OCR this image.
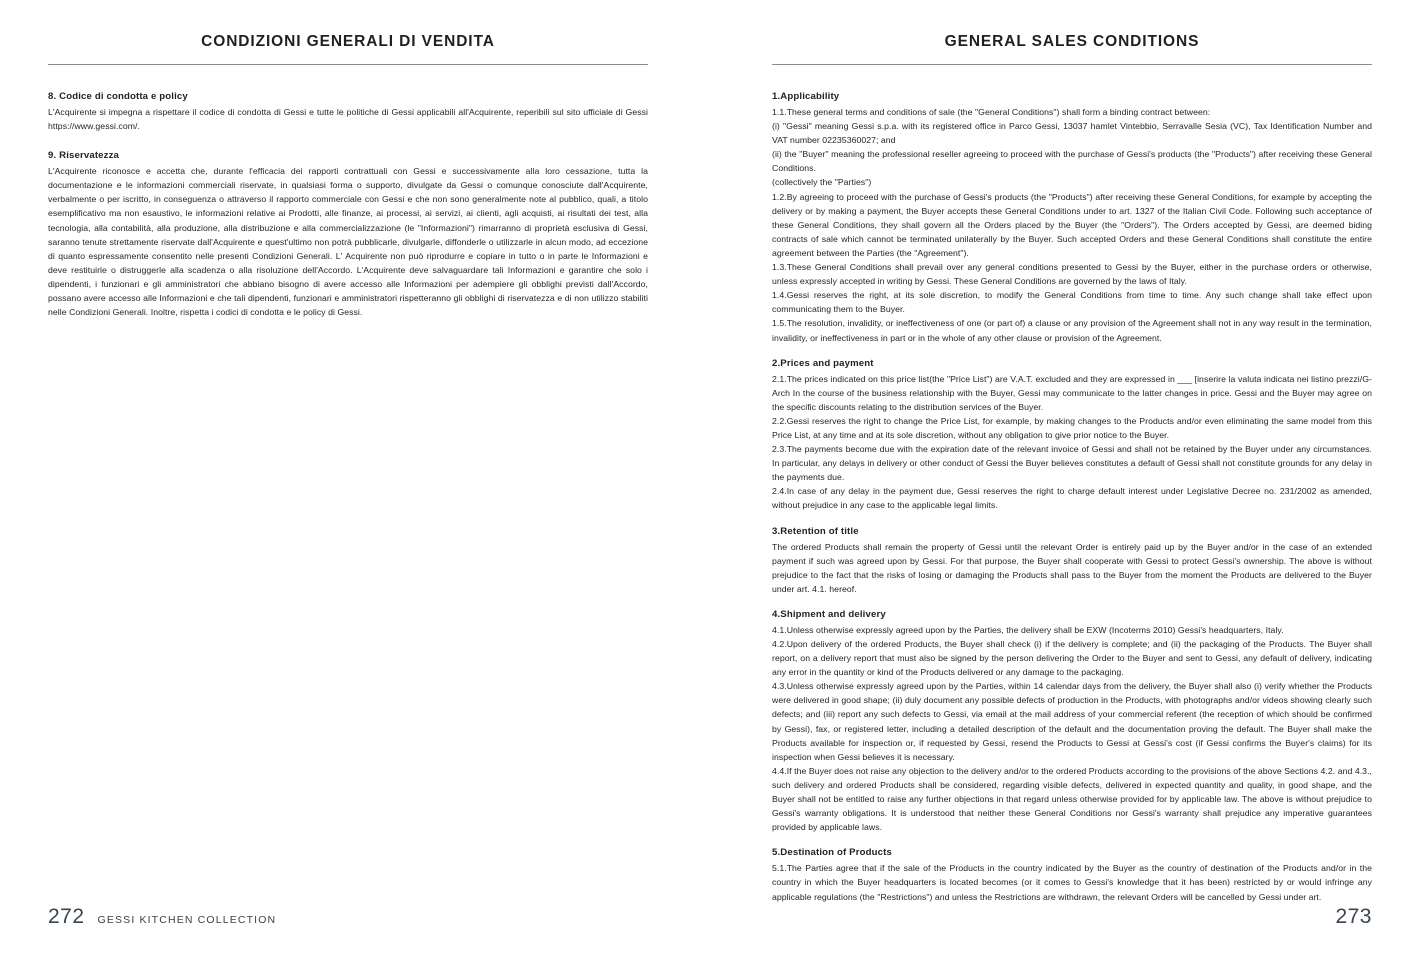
CONDIZIONI GENERALI DI VENDITA
8. Codice di condotta e policy

L'Acquirente si impegna a rispettare il codice di condotta di Gessi e tutte le politiche di Gessi applicabili all'Acquirente, reperibili sul sito ufficiale di Gessi https://www.gessi.com/.

9. Riservatezza

L'Acquirente riconosce e accetta che, durante l'efficacia dei rapporti contrattuali con Gessi e successivamente alla loro cessazione, tutta la documentazione e le informazioni commerciali riservate, in qualsiasi forma o supporto, divulgate da Gessi o comunque conosciute dall'Acquirente, verbalmente o per iscritto, in conseguenza o attraverso il rapporto commerciale con Gessi e che non sono generalmente note al pubblico, quali, a titolo esemplificativo ma non esaustivo, le informazioni relative ai Prodotti, alle finanze, ai processi, ai servizi, ai clienti, agli acquisti, ai risultati dei test, alla tecnologia, alla contabilità, alla produzione, alla distribuzione e alla commercializzazione (le "Informazioni") rimarranno di proprietà esclusiva di Gessi, saranno tenute strettamente riservate dall'Acquirente e quest'ultimo non potrà pubblicarle, divulgarle, diffonderle o utilizzarle in alcun modo, ad eccezione di quanto espressamente consentito nelle presenti Condizioni Generali. L' Acquirente non può riprodurre e copiare in tutto o in parte le Informazioni e deve restituirle o distruggerle alla scadenza o alla risoluzione dell'Accordo. L'Acquirente deve salvaguardare tali Informazioni e garantire che solo i dipendenti, i funzionari e gli amministratori che abbiano bisogno di avere accesso alle Informazioni per adempiere gli obblighi previsti dall'Accordo, possano avere accesso alle Informazioni e che tali dipendenti, funzionari e amministratori rispetteranno gli obblighi di riservatezza e di non utilizzo stabiliti nelle Condizioni Generali. Inoltre, rispetta i codici di condotta e le policy di Gessi.

272 GESSI KITCHEN COLLECTION
GENERAL SALES CONDITIONS
1.Applicability

1.1.These general terms and conditions of sale (the "General Conditions") shall form a binding contract between:

(i) "Gessi" meaning Gessi s.p.a. with its registered office in Parco Gessi, 13037 hamlet Vintebbio, Serravalle Sesia (VC), Tax Identification Number and VAT number 02235360027; and

(ii) the "Buyer" meaning the professional reseller agreeing to proceed with the purchase of Gessi's products (the "Products") after receiving these General Conditions.

(collectively the "Parties")

1.2.By agreeing to proceed with the purchase of Gessi's products (the "Products") after receiving these General Conditions, for example by accepting the delivery or by making a payment, the Buyer accepts these General Conditions under to art. 1327 of the Italian Civil Code. Following such acceptance of these General Conditions, they shall govern all the Orders placed by the Buyer (the "Orders"). The Orders accepted by Gessi, are deemed biding contracts of sale which cannot be terminated unilaterally by the Buyer. Such accepted Orders and these General Conditions shall constitute the entire agreement between the Parties (the "Agreement").

1.3.These General Conditions shall prevail over any general conditions presented to Gessi by the Buyer, either in the purchase orders or otherwise, unless expressly accepted in writing by Gessi. These General Conditions are governed by the laws of Italy.

1.4.Gessi reserves the right, at its sole discretion, to modify the General Conditions from time to time. Any such change shall take effect upon communicating them to the Buyer.

1.5.The resolution, invalidity, or ineffectiveness of one (or part of) a clause or any provision of the Agreement shall not in any way result in the termination, invalidity, or ineffectiveness in part or in the whole of any other clause or provision of the Agreement.

2.Prices and payment

2.1.The prices indicated on this price list(the "Price List") are V.A.T. excluded and they are expressed in ___ [inserire la valuta indicata nei listino prezzi/G-Arch In the course of the business relationship with the Buyer, Gessi may communicate to the latter changes in price. Gessi and the Buyer may agree on the specific discounts relating to the distribution services of the Buyer.

2.2.Gessi reserves the right to change the Price List, for example, by making changes to the Products and/or even eliminating the same model from this Price List, at any time and at its sole discretion, without any obligation to give prior notice to the Buyer.

2.3.The payments become due with the expiration date of the relevant invoice of Gessi and shall not be retained by the Buyer under any circumstances. In particular, any delays in delivery or other conduct of Gessi the Buyer believes constitutes a default of Gessi shall not constitute grounds for any delay in the payments due.

2.4.In case of any delay in the payment due, Gessi reserves the right to charge default interest under Legislative Decree no. 231/2002 as amended, without prejudice in any case to the applicable legal limits.

3.Retention of title

The ordered Products shall remain the property of Gessi until the relevant Order is entirely paid up by the Buyer and/or in the case of an extended payment if such was agreed upon by Gessi. For that purpose, the Buyer shall cooperate with Gessi to protect Gessi's ownership. The above is without prejudice to the fact that the risks of losing or damaging the Products shall pass to the Buyer from the moment the Products are delivered to the Buyer under art. 4.1. hereof.

4.Shipment and delivery

4.1.Unless otherwise expressly agreed upon by the Parties, the delivery shall be EXW (Incoterms 2010) Gessi's headquarters, Italy.

4.2.Upon delivery of the ordered Products, the Buyer shall check (i) if the delivery is complete; and (ii) the packaging of the Products. The Buyer shall report, on a delivery report that must also be signed by the person delivering the Order to the Buyer and sent to Gessi, any default of delivery, indicating any error in the quantity or kind of the Products delivered or any damage to the packaging.

4.3.Unless otherwise expressly agreed upon by the Parties, within 14 calendar days from the delivery, the Buyer shall also (i) verify whether the Products were delivered in good shape; (ii) duly document any possible defects of production in the Products, with photographs and/or videos showing clearly such defects; and (iii) report any such defects to Gessi, via email at the mail address of your commercial referent (the reception of which should be confirmed by Gessi), fax, or registered letter, including a detailed description of the default and the documentation proving the default. The Buyer shall make the Products available for inspection or, if requested by Gessi, resend the Products to Gessi at Gessi's cost (if Gessi confirms the Buyer's claims) for its inspection when Gessi believes it is necessary.

4.4.If the Buyer does not raise any objection to the delivery and/or to the ordered Products according to the provisions of the above Sections 4.2. and 4.3., such delivery and ordered Products shall be considered, regarding visible defects, delivered in expected quantity and quality, in good shape, and the Buyer shall not be entitled to raise any further objections in that regard unless otherwise provided for by applicable law. The above is without prejudice to Gessi's warranty obligations. It is understood that neither these General Conditions nor Gessi's warranty shall prejudice any imperative guarantees provided by applicable laws.

5.Destination of Products

5.1.The Parties agree that if the sale of the Products in the country indicated by the Buyer as the country of destination of the Products and/or in the country in which the Buyer headquarters is located becomes (or it comes to Gessi's knowledge that it has been) restricted by or would infringe any applicable regulations (the "Restrictions") and unless the Restrictions are withdrawn, the relevant Orders will be cancelled by Gessi under art.

273
